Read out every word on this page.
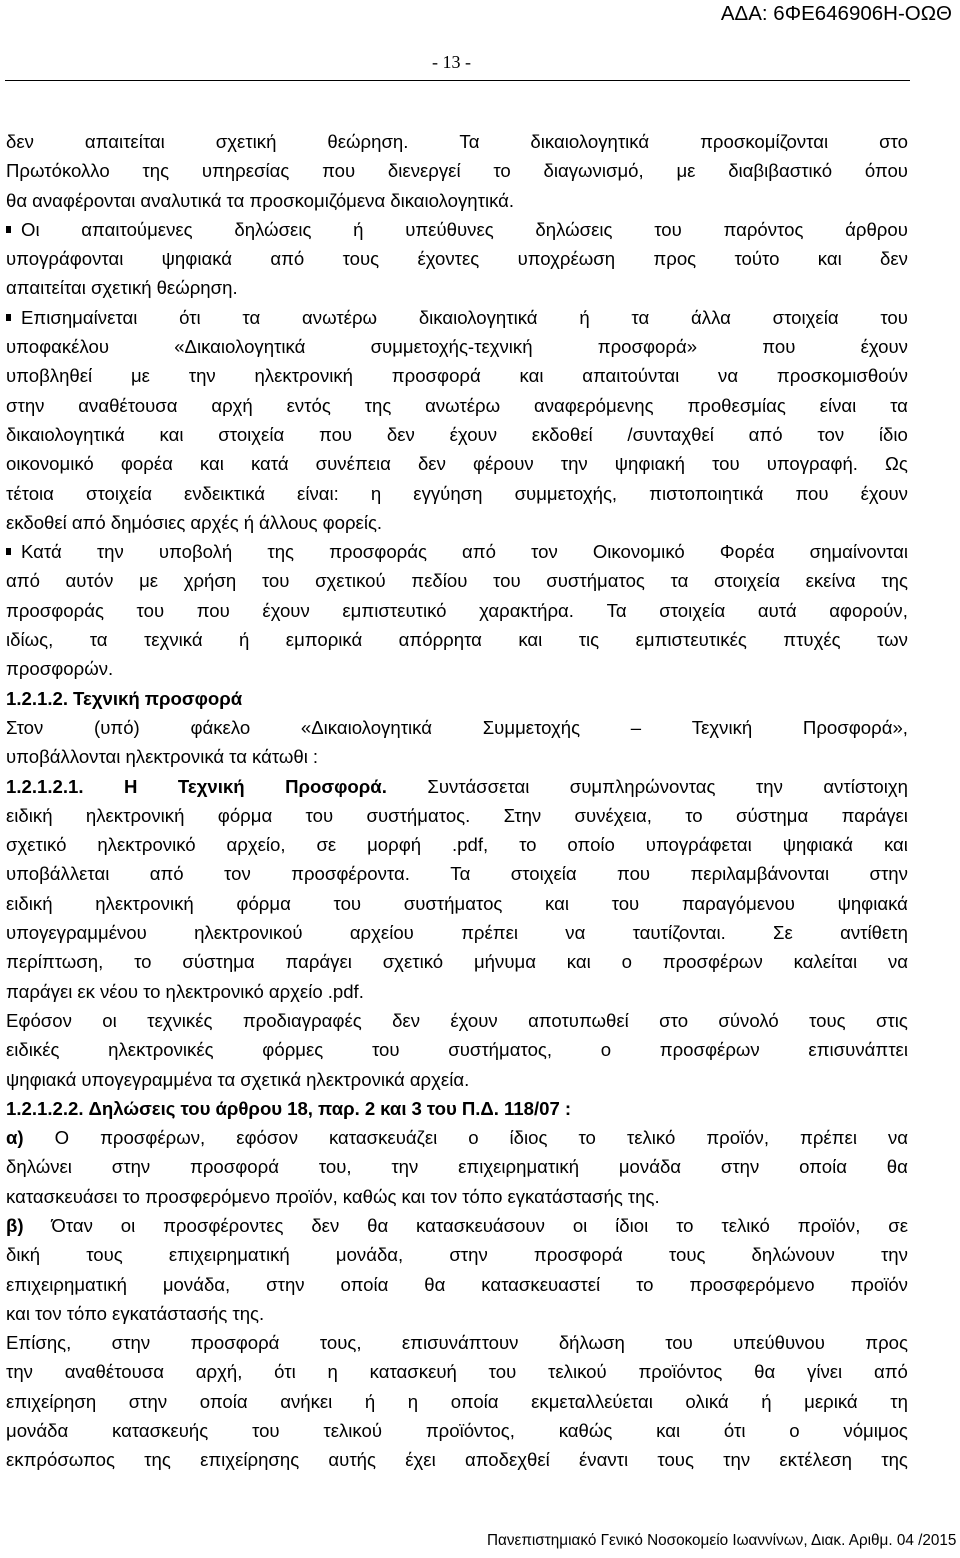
ΑΔΑ: 6ΦΕ646906Η-ΟΩΘ
- 13 -
δεν	απαιτείται	σχετική	θεώρηση.	Τα	δικαιολογητικά	προσκομίζονται	στο
Πρωτόκολλο της υπηρεσίας που διενεργεί το διαγωνισμό, με διαβιβαστικό όπου
θα αναφέρονται αναλυτικά τα προσκομιζόμενα δικαιολογητικά.
Οι απαιτούμενες δηλώσεις ή υπεύθυνες δηλώσεις του παρόντος άρθρου
υπογράφονται ψηφιακά από τους έχοντες υποχρέωση προς τούτο και δεν
απαιτείται σχετική θεώρηση.
Επισημαίνεται ότι τα ανωτέρω δικαιολογητικά ή τα άλλα στοιχεία του
υποφακέλου	«Δικαιολογητικά	συμμετοχής-τεχνική	προσφορά»	που	έχουν
υποβληθεί με την ηλεκτρονική προσφορά και απαιτούνται να προσκομισθούν
στην αναθέτουσα αρχή εντός της ανωτέρω αναφερόμενης προθεσμίας είναι τα
δικαιολογητικά και στοιχεία που δεν έχουν εκδοθεί /συνταχθεί από τον ίδιο
οικονομικό φορέα και κατά συνέπεια δεν φέρουν την ψηφιακή του υπογραφή. Ως
τέτοια στοιχεία ενδεικτικά είναι: η εγγύηση συμμετοχής, πιστοποιητικά που έχουν
εκδοθεί από δημόσιες αρχές ή άλλους φορείς.
Κατά την υποβολή της προσφοράς από τον Οικονομικό Φορέα σημαίνονται
από αυτόν με χρήση του σχετικού πεδίου του συστήματος τα στοιχεία εκείνα της
προσφοράς του που έχουν εμπιστευτικό χαρακτήρα. Τα στοιχεία αυτά αφορούν,
ιδίως, τα τεχνικά ή εμπορικά απόρρητα και τις εμπιστευτικές πτυχές των
προσφορών.
1.2.1.2. Τεχνική προσφορά
Στον	(υπό)	φάκελο	«Δικαιολογητικά	Συμμετοχής	–	Τεχνική	Προσφορά»,
υποβάλλονται ηλεκτρονικά τα κάτωθι :
1.2.1.2.1. Η Τεχνική Προσφορά. Συντάσσεται συμπληρώνοντας την αντίστοιχη
ειδική ηλεκτρονική φόρμα του συστήματος. Στην συνέχεια, το σύστημα παράγει
σχετικό ηλεκτρονικό αρχείο, σε μορφή .pdf, το οποίο υπογράφεται ψηφιακά και
υποβάλλεται από τον προσφέροντα. Τα στοιχεία που περιλαμβάνονται στην
ειδική ηλεκτρονική φόρμα του συστήματος και του παραγόμενου ψηφιακά
υπογεγραμμένου	ηλεκτρονικού	αρχείου	πρέπει	να	ταυτίζονται.	Σε	αντίθετη
περίπτωση, το σύστημα παράγει σχετικό μήνυμα και ο προσφέρων καλείται να
παράγει εκ νέου το ηλεκτρονικό αρχείο .pdf.
Εφόσον οι τεχνικές προδιαγραφές δεν έχουν αποτυπωθεί στο σύνολό τους στις
ειδικές	ηλεκτρονικές	φόρμες	του	συστήματος,	ο	προσφέρων	επισυνάπτει
ψηφιακά υπογεγραμμένα τα σχετικά ηλεκτρονικά αρχεία.
1.2.1.2.2. Δηλώσεις του άρθρου 18, παρ. 2 και 3 του Π.Δ. 118/07 :
α) Ο προσφέρων, εφόσον κατασκευάζει ο ίδιος το τελικό προϊόν, πρέπει να
δηλώνει στην προσφορά του, την επιχειρηματική μονάδα στην οποία θα
κατασκευάσει το προσφερόμενο προϊόν, καθώς και τον τόπο εγκατάστασής της.
β) Όταν οι προσφέροντες δεν θα κατασκευάσουν οι ίδιοι το τελικό προϊόν, σε
δική τους επιχειρηματική μονάδα, στην προσφορά τους δηλώνουν την
επιχειρηματική μονάδα, στην οποία θα κατασκευαστεί το προσφερόμενο προϊόν
και τον τόπο εγκατάστασής της.
Επίσης, στην προσφορά τους, επισυνάπτουν δήλωση του υπεύθυνου προς
την αναθέτουσα αρχή, ότι η κατασκευή του τελικού προϊόντος θα γίνει από
επιχείρηση στην οποία ανήκει ή η οποία εκμεταλλεύεται ολικά ή μερικά τη
μονάδα κατασκευής του τελικού προϊόντος, καθώς και ότι ο νόμιμος
εκπρόσωπος της επιχείρησης αυτής έχει αποδεχθεί έναντι τους την εκτέλεση της
Πανεπιστημιακό Γενικό Νοσοκομείο Ιωαννίνων, Διακ. Αριθμ. 04 /2015
